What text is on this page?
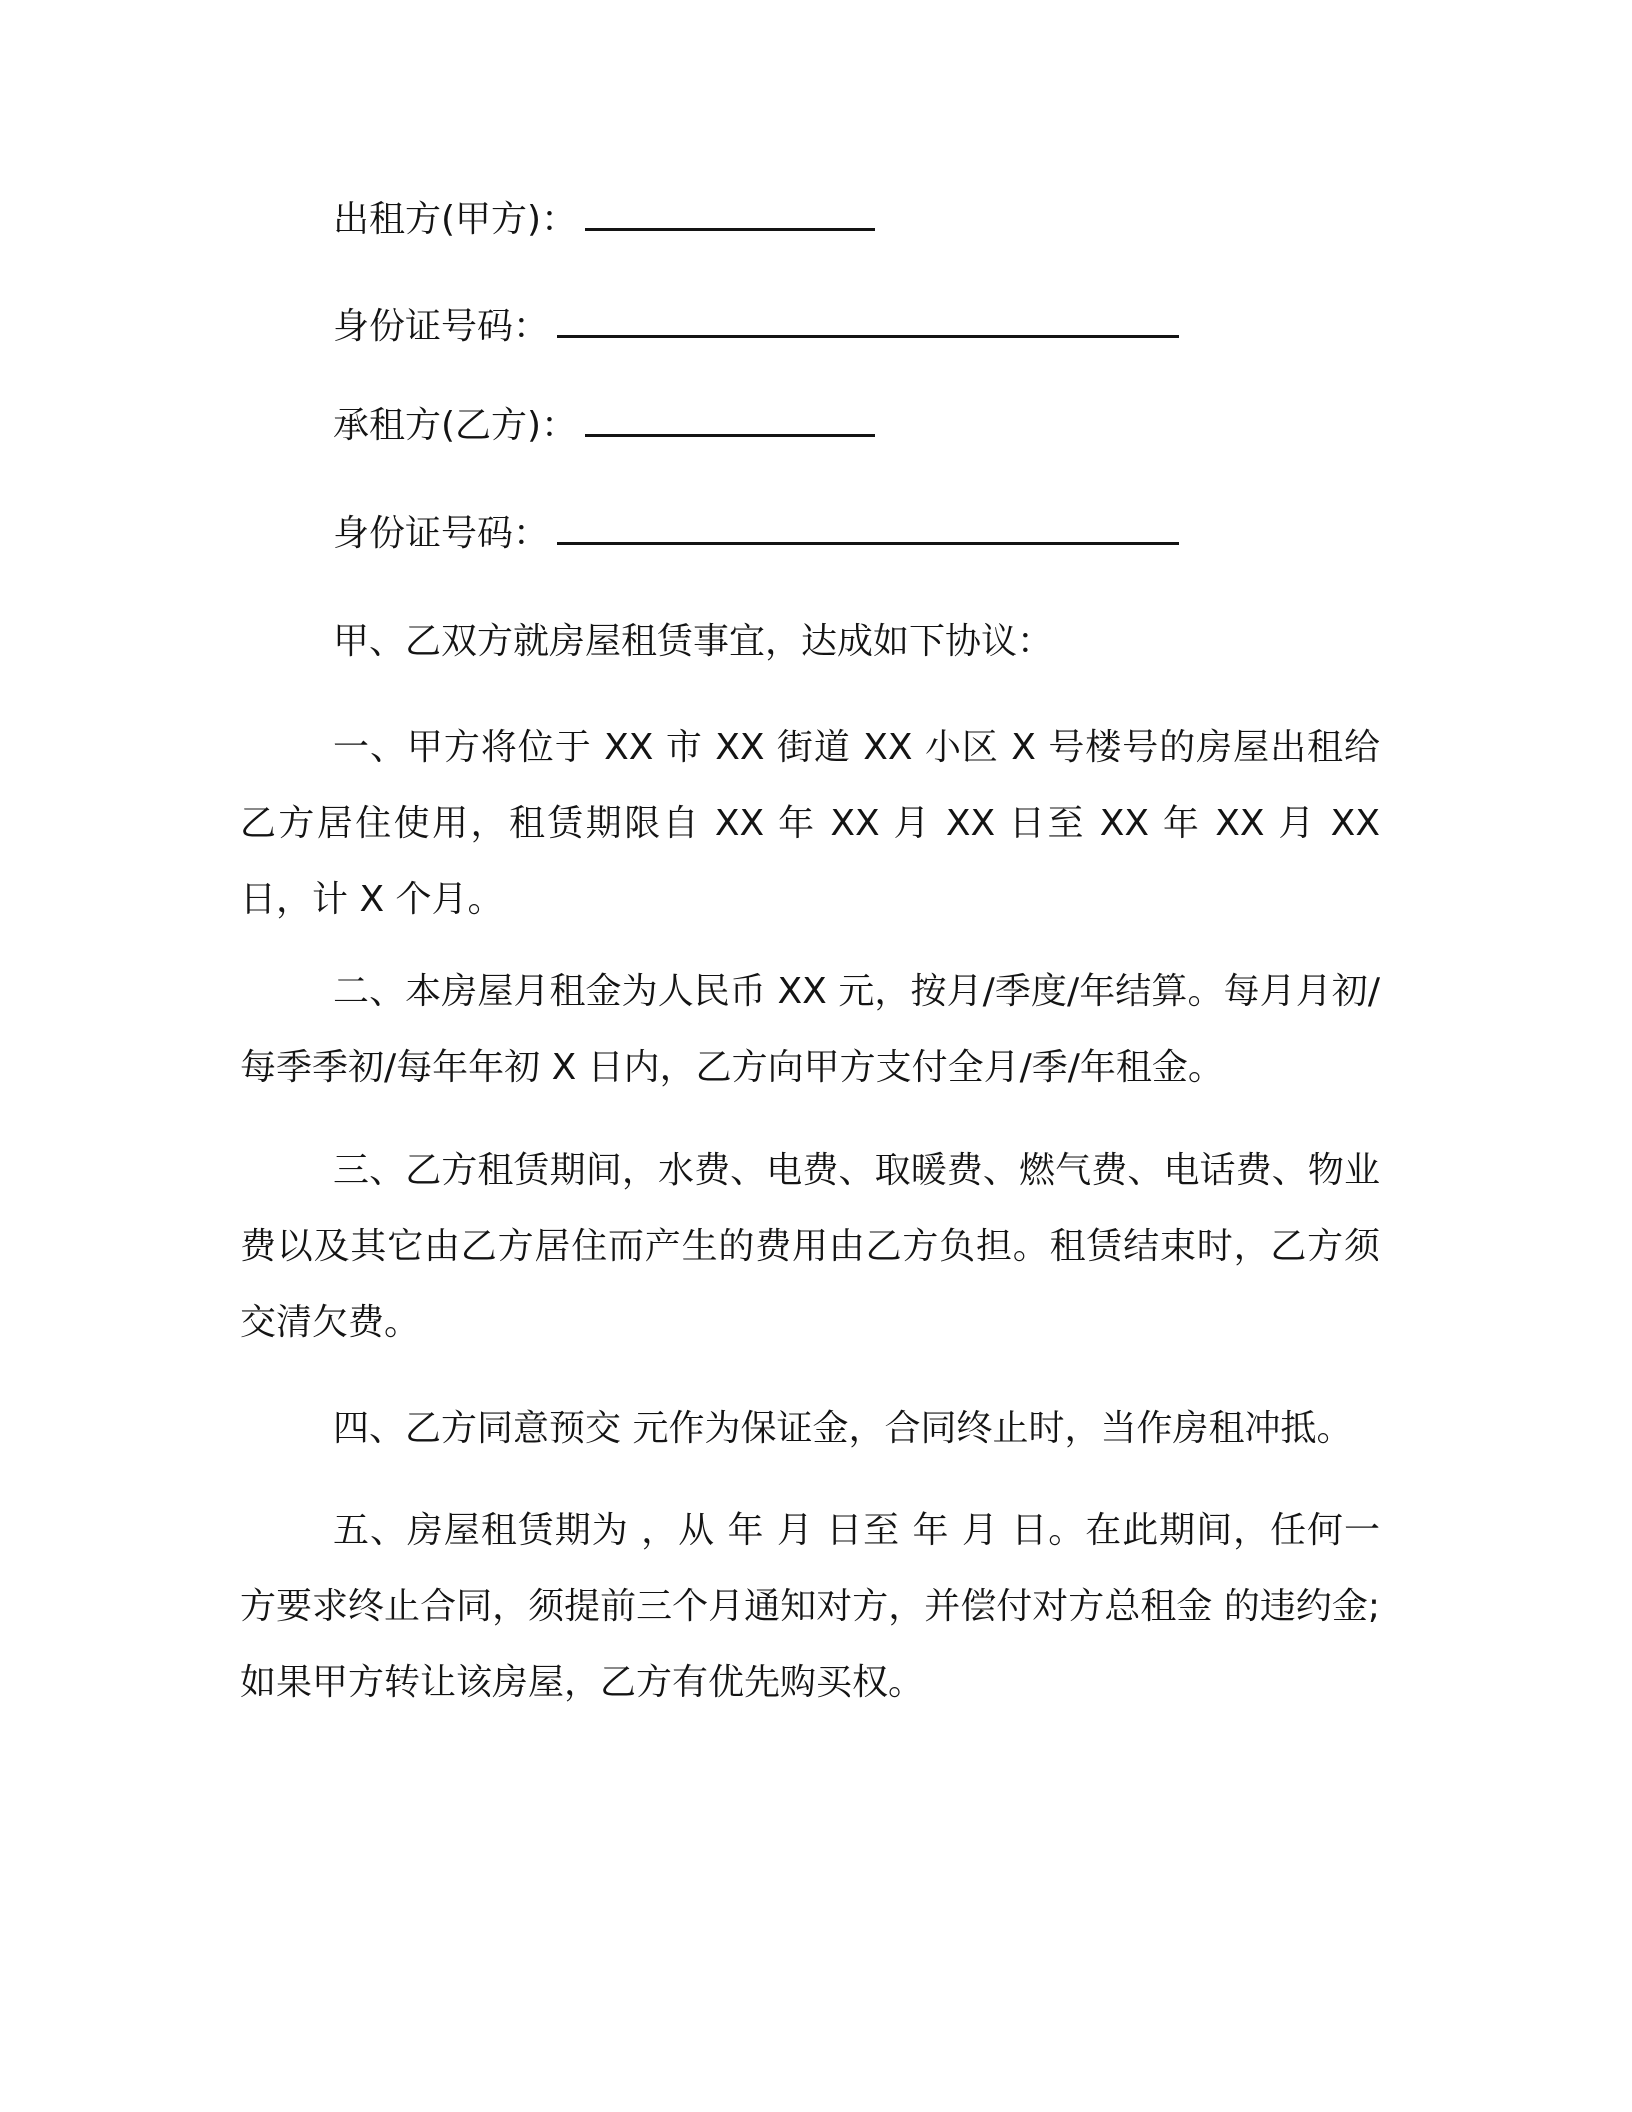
出租方(甲方)：

身份证号码：

承租方(乙方)：

身份证号码：

甲、乙双方就房屋租赁事宜，达成如下协议：

一、甲方将位于 XX 市 XX 街道 XX 小区 X 号楼号的房屋出租给乙方居住使用，租赁期限自 XX 年 XX 月 XX 日至 XX 年 XX 月 XX 日，计 X 个月。

二、本房屋月租金为人民币 XX 元，按月/季度/年结算。每月月初/每季季初/每年年初 X 日内，乙方向甲方支付全月/季/年租金。

三、乙方租赁期间，水费、电费、取暖费、燃气费、电话费、物业费以及其它由乙方居住而产生的费用由乙方负担。租赁结束时，乙方须交清欠费。

四、乙方同意预交 元作为保证金，合同终止时，当作房租冲抵。

五、房屋租赁期为 ，从 年 月 日至 年 月 日。在此期间，任何一方要求终止合同，须提前三个月通知对方，并偿付对方总租金 的违约金;如果甲方转让该房屋，乙方有优先购买权。
